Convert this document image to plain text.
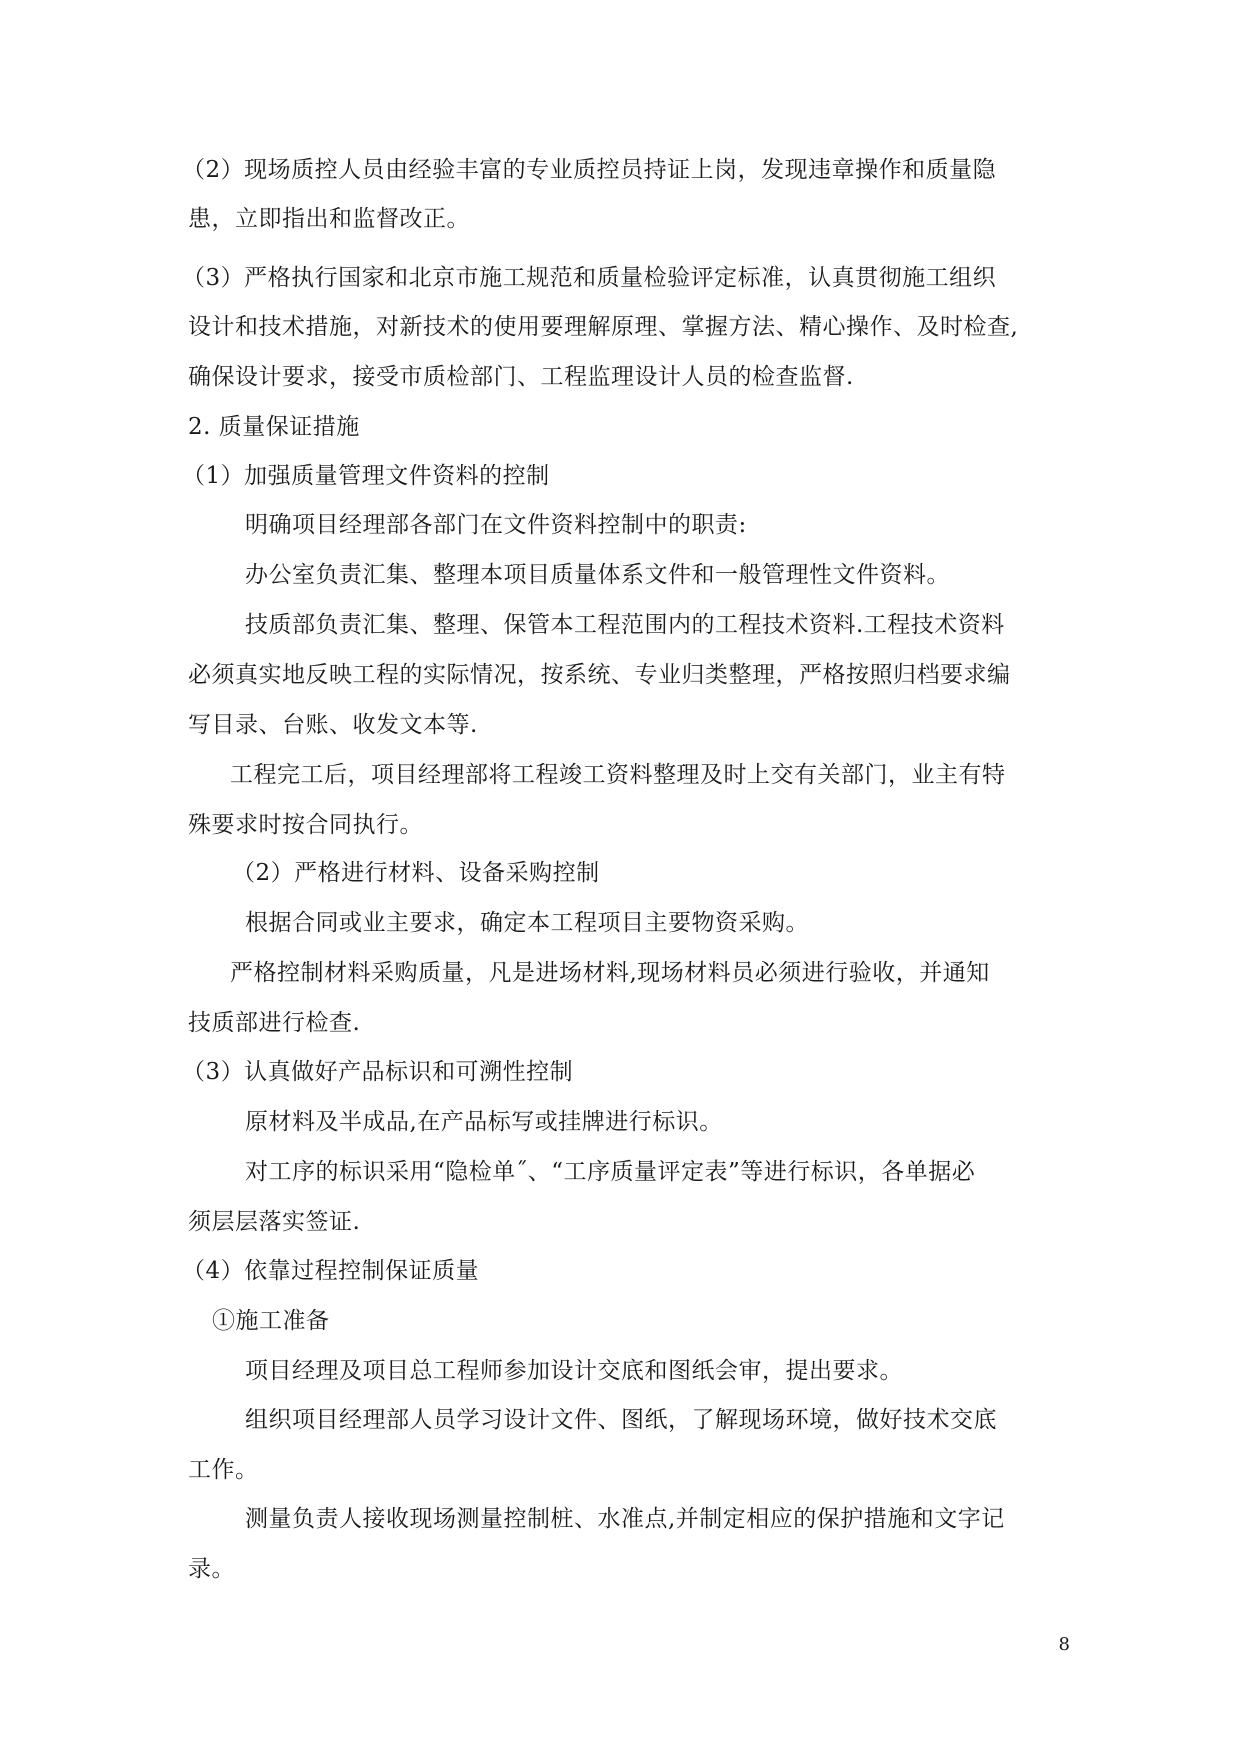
（2）现场质控人员由经验丰富的专业质控员持证上岗，发现违章操作和质量隐
患，立即指出和监督改正。
（3）严格执行国家和北京市施工规范和质量检验评定标准，认真贯彻施工组织
设计和技术措施，对新技术的使用要理解原理、掌握方法、精心操作、及时检查,
确保设计要求，接受市质检部门、工程监理设计人员的检查监督.
2. 质量保证措施
（1）加强质量管理文件资料的控制
明确项目经理部各部门在文件资料控制中的职责:
办公室负责汇集、整理本项目质量体系文件和一般管理性文件资料。
技质部负责汇集、整理、保管本工程范围内的工程技术资料.工程技术资料
必须真实地反映工程的实际情况，按系统、专业归类整理，严格按照归档要求编
写目录、台账、收发文本等.
工程完工后，项目经理部将工程竣工资料整理及时上交有关部门，业主有特
殊要求时按合同执行。
（2）严格进行材料、设备采购控制
根据合同或业主要求，确定本工程项目主要物资采购。
严格控制材料采购质量，凡是进场材料,现场材料员必须进行验收，并通知
技质部进行检查.
（3）认真做好产品标识和可溯性控制
原材料及半成品,在产品标写或挂牌进行标识。
对工序的标识采用“隐检单˝、“工序质量评定表”等进行标识，各单据必
须层层落实签证.
（4）依靠过程控制保证质量
①施工准备
项目经理及项目总工程师参加设计交底和图纸会审，提出要求。
组织项目经理部人员学习设计文件、图纸，了解现场环境，做好技术交底
工作。
测量负责人接收现场测量控制桩、水准点,并制定相应的保护措施和文字记
录。
8
